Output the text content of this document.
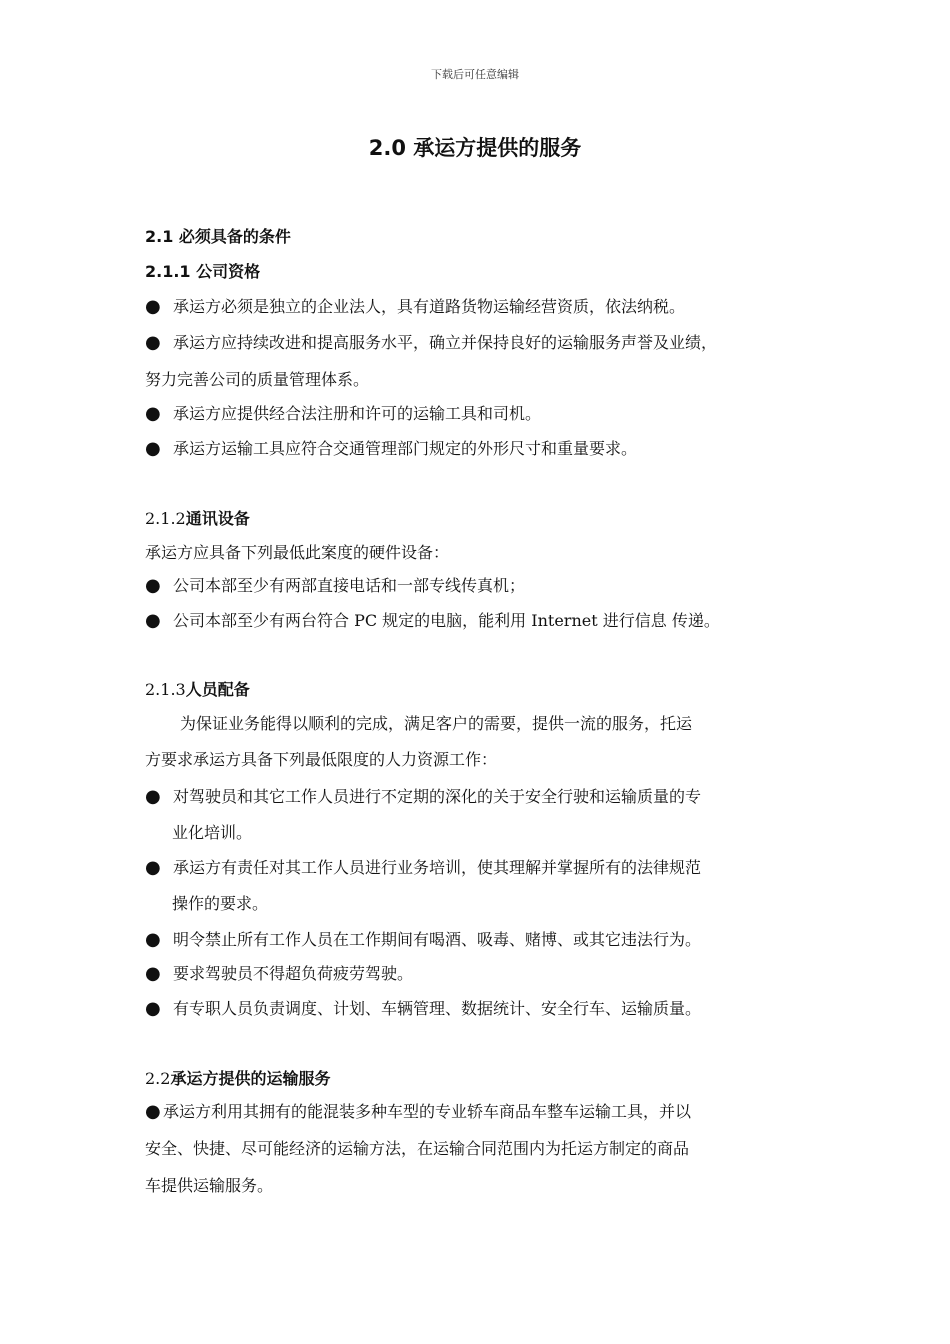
下载后可任意编辑
2.0 承运方提供的服务
2.1 必须具备的条件
2.1.1 公司资格
● 承运方必须是独立的企业法人，具有道路货物运输经营资质，依法纳税。
● 承运方应持续改进和提高服务水平，确立并保持良好的运输服务声誉及业绩，
努力完善公司的质量管理体系。
● 承运方应提供经合法注册和许可的运输工具和司机。
● 承运方运输工具应符合交通管理部门规定的外形尺寸和重量要求。
2.1.2通讯设备
承运方应具备下列最低此案度的硬件设备：
● 公司本部至少有两部直接电话和一部专线传真机；
● 公司本部至少有两台符合 PC 规定的电脑，能利用 Internet 进行信息 传递。
2.1.3人员配备
为保证业务能得以顺利的完成，满足客户的需要，提供一流的服务，托运
方要求承运方具备下列最低限度的人力资源工作：
● 对驾驶员和其它工作人员进行不定期的深化的关于安全行驶和运输质量的专
业化培训。
● 承运方有责任对其工作人员进行业务培训，使其理解并掌握所有的法律规范
操作的要求。
● 明令禁止所有工作人员在工作期间有喝酒、吸毒、赌博、或其它违法行为。
● 要求驾驶员不得超负荷疲劳驾驶。
● 有专职人员负责调度、计划、车辆管理、数据统计、安全行车、运输质量。
2.2承运方提供的运输服务
● 承运方利用其拥有的能混装多种车型的专业轿车商品车整车运输工具，并以
安全、快捷、尽可能经济的运输方法，在运输合同范围内为托运方制定的商品
车提供运输服务。
